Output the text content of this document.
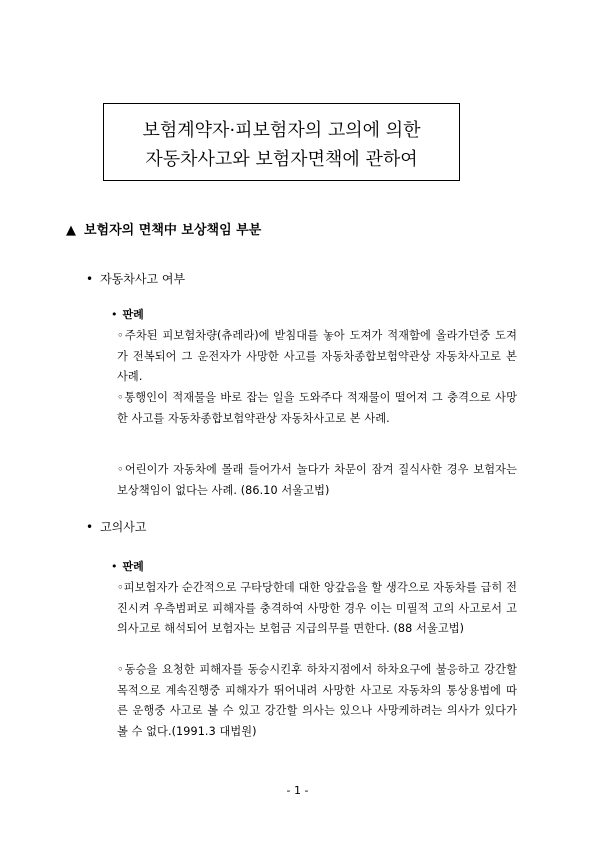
보험계약자·피보험자의 고의에 의한
자동차사고와 보험자면책에 관하여
▲ 보험자의 면책中 보상책임 부분
• 자동차사고 여부
• 판례
◦주차된 피보험차량(츄레라)에 받침대를 놓아 도져가 적재함에 올라가던중 도져가 전복되어 그 운전자가 사망한 사고를 자동차종합보험약관상 자동차사고로 본 사례.
◦통행인이 적재물을 바로 잡는 일을 도와주다 적재물이 떨어져 그 충격으로 사망한 사고를 자동차종합보험약관상 자동차사고로 본 사례.
◦어린이가 자동차에 몰래 들어가서 놀다가 차문이 잠겨 질식사한 경우 보험자는 보상책임이 없다는 사례. (86.10 서울고법)
• 고의사고
• 판례
◦피보험자가 순간적으로 구타당한데 대한 앙갚음을 할 생각으로 자동차를 급히 전진시켜 우측범퍼로 피해자를 충격하여 사망한 경우 이는 미필적 고의 사고로서 고의사고로 해석되어 보험자는 보험금 지급의무를 면한다. (88 서울고법)
◦동승을 요청한 피해자를 동승시킨후 하차지점에서 하차요구에 불응하고 강간할 목적으로 계속진행중 피해자가 뛰어내려 사망한 사고로 자동차의 통상용법에 따른 운행중 사고로 볼 수 있고 강간할 의사는 있으나 사망케하려는 의사가 있다가 볼 수 없다.(1991.3 대법원)
- 1 -
